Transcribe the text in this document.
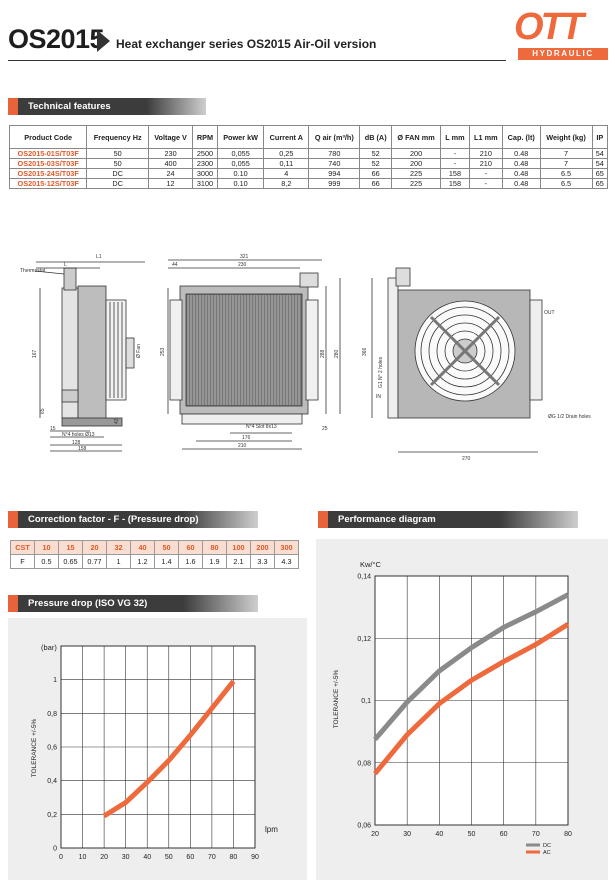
OS2015 Heat exchanger series OS2015 Air-Oil version	OTT
HYDRAULIC
Technical features
Product Code	Frequency Hz	Voltage V	RPM	Power kW	Current A	Q air (m³/h)	dB (A)	Ø FAN mm	L mm	L1 mm	Cap. (lt)	Weight (kg)	IP
OS2015-01S/T03F	50	230	2500	0,055	0,25	780	52	200	-	210	0.48	7	54
OS2015-03S/T03F	50	400	2300	0,055	0,11	740	52	200	-	210	0.48	7	54
OS2015-24S/T03F	DC	24	3000	0.10	4	994	66	225	158	-	0.48	6.5	65
OS2015-12S/T03F	DC	12	3100	0.10	8,2	999	66	225	158	-	0.48	6.5	65
L1
L
Thermostat
167
65
15
42
N°4 holes Ø13
128
158
Ø Fan
321
44	230
253	288 280
N°4 Slot 8x13
176
210
25
366
G1 N° 2 holes
ØG 1/2 Drain holes
270
IN
OUT
Correction factor - F - (Pressure drop)
CST	10	15	20	32	40	50	60	80	100	200	300
F	0.5	0.65	0.77	1	1.2	1.4	1.6	1.9	2.1	3.3	4.3
Pressure drop (ISO VG 32)
0 10 20 30 40 50 60 70 80 90
0
0,2
0,4
0,6
0,8
1
(bar)
TOLERANCE +/-5%
lpm
Performance diagram
20	30	40	50	60	70	80
0,06
0,08
0,1
0,12
0,14
Kw/°C
TOLERANCE +/-5%
DC
AC
